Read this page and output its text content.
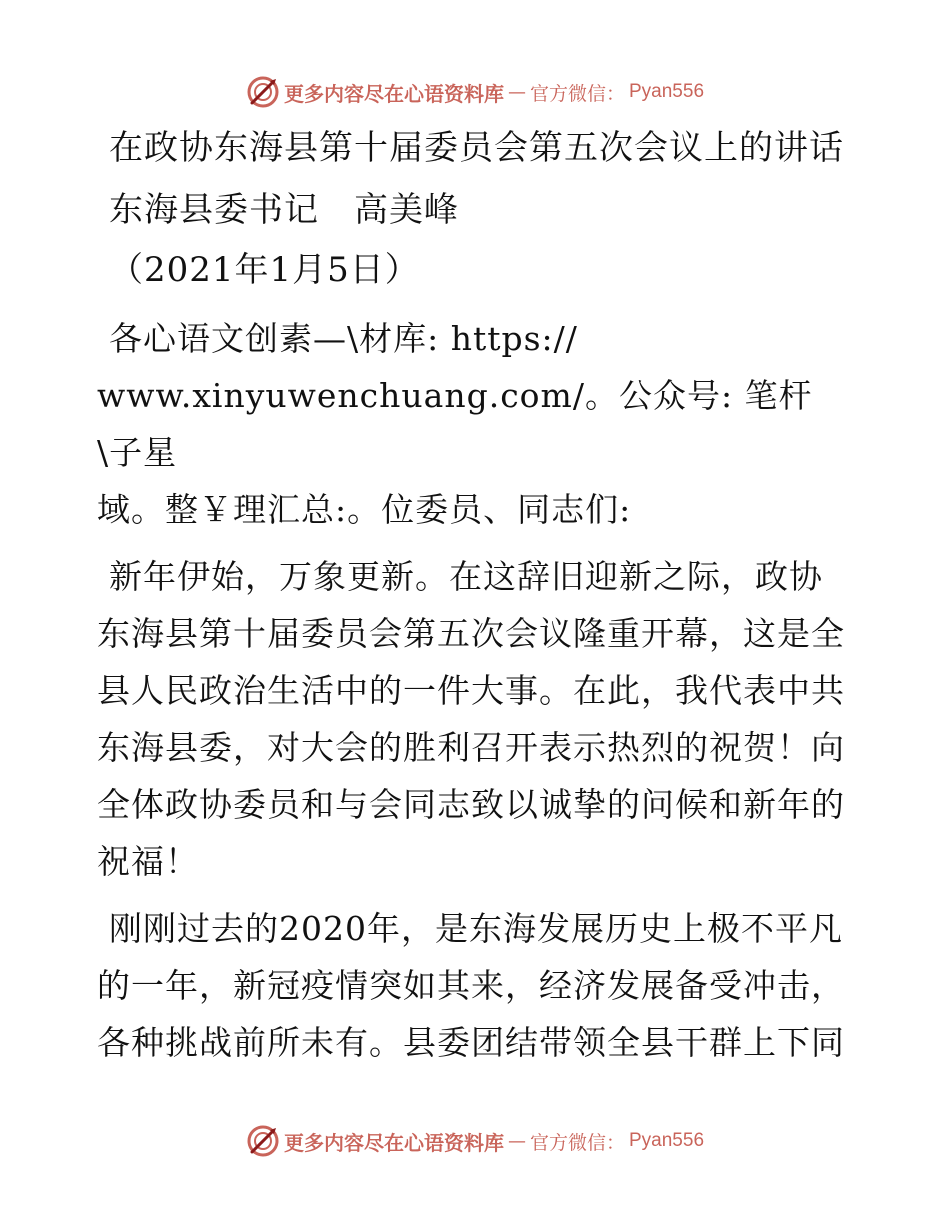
更多内容尽在心语资料库 — 官方微信： Pyan556
在政协东海县第十届委员会第五次会议上的讲话
东海县委书记　高美峰
（2021年1月5日）
各心语文创素—\材库: https://
www.xinyuwenchuang.com/。公众号: 笔杆\子星
域。整￥理汇总:。位委员、同志们:
新年伊始，万象更新。在这辞旧迎新之际，政协
东海县第十届委员会第五次会议隆重开幕，这是全
县人民政治生活中的一件大事。在此，我代表中共
东海县委，对大会的胜利召开表示热烈的祝贺！向
全体政协委员和与会同志致以诚挚的问候和新年的
祝福！
刚刚过去的2020年，是东海发展历史上极不平凡
的一年，新冠疫情突如其来，经济发展备受冲击，
各种挑战前所未有。县委团结带领全县干群上下同
更多内容尽在心语资料库 — 官方微信： Pyan556
